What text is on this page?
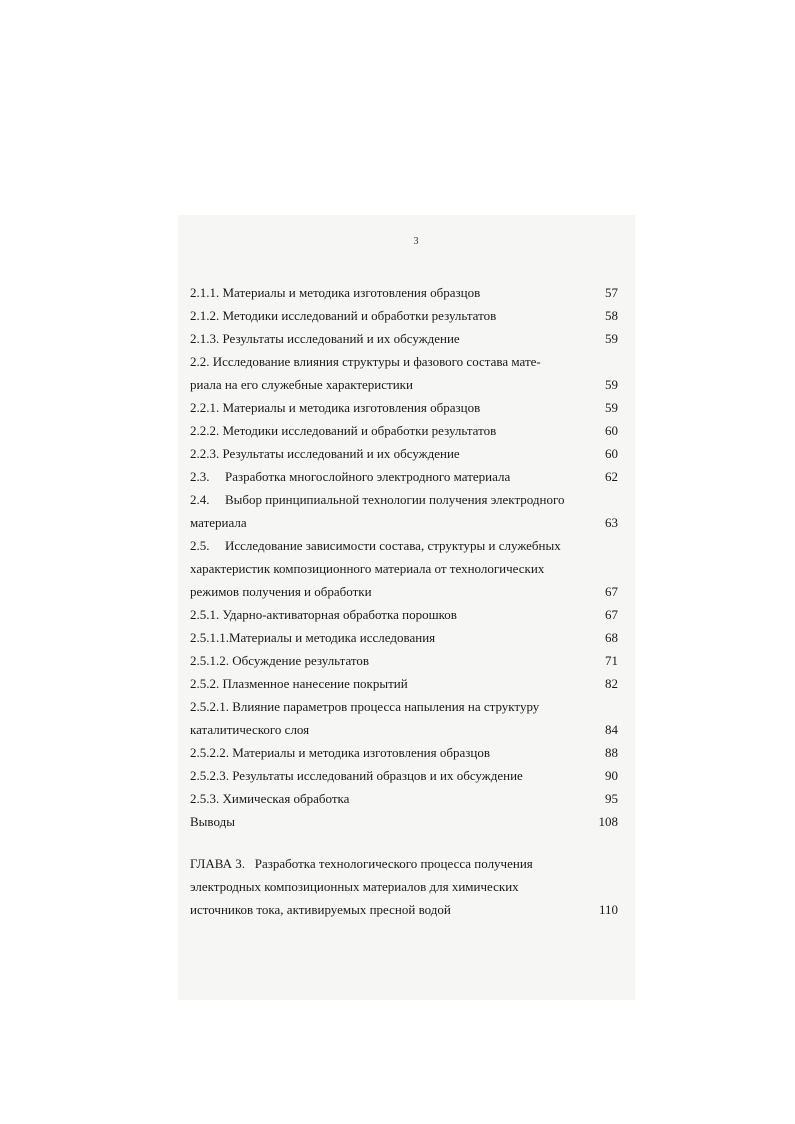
3
2.1.1. Материалы и методика изготовления образцов	57
2.1.2. Методики исследований и обработки результатов	58
2.1.3. Результаты исследований и их обсуждение	59
2.2. Исследование влияния структуры и фазового состава мате-
риала на его служебные характеристики	59
2.2.1. Материалы и методика изготовления образцов	59
2.2.2. Методики исследований и обработки результатов	60
2.2.3. Результаты исследований и их обсуждение	60
2.3. Разработка многослойного электродного материала	62
2.4. Выбор принципиальной технологии получения электродного
материала	63
2.5. Исследование зависимости состава, структуры и служебных
характеристик композиционного материала от технологических
режимов получения и обработки	67
2.5.1. Ударно-активаторная обработка порошков	67
2.5.1.1.Материалы и методика исследования	68
2.5.1.2. Обсуждение результатов	71
2.5.2. Плазменное нанесение покрытий	82
2.5.2.1. Влияние параметров процесса напыления на структуру
каталитического слоя	84
2.5.2.2. Материалы и методика изготовления образцов	88
2.5.2.3. Результаты исследований образцов и их обсуждение	90
2.5.3. Химическая обработка	95
Выводы	108
ГЛАВА 3. Разработка технологического процесса получения
электродных композиционных материалов для химических
источников тока, активируемых пресной водой	110
